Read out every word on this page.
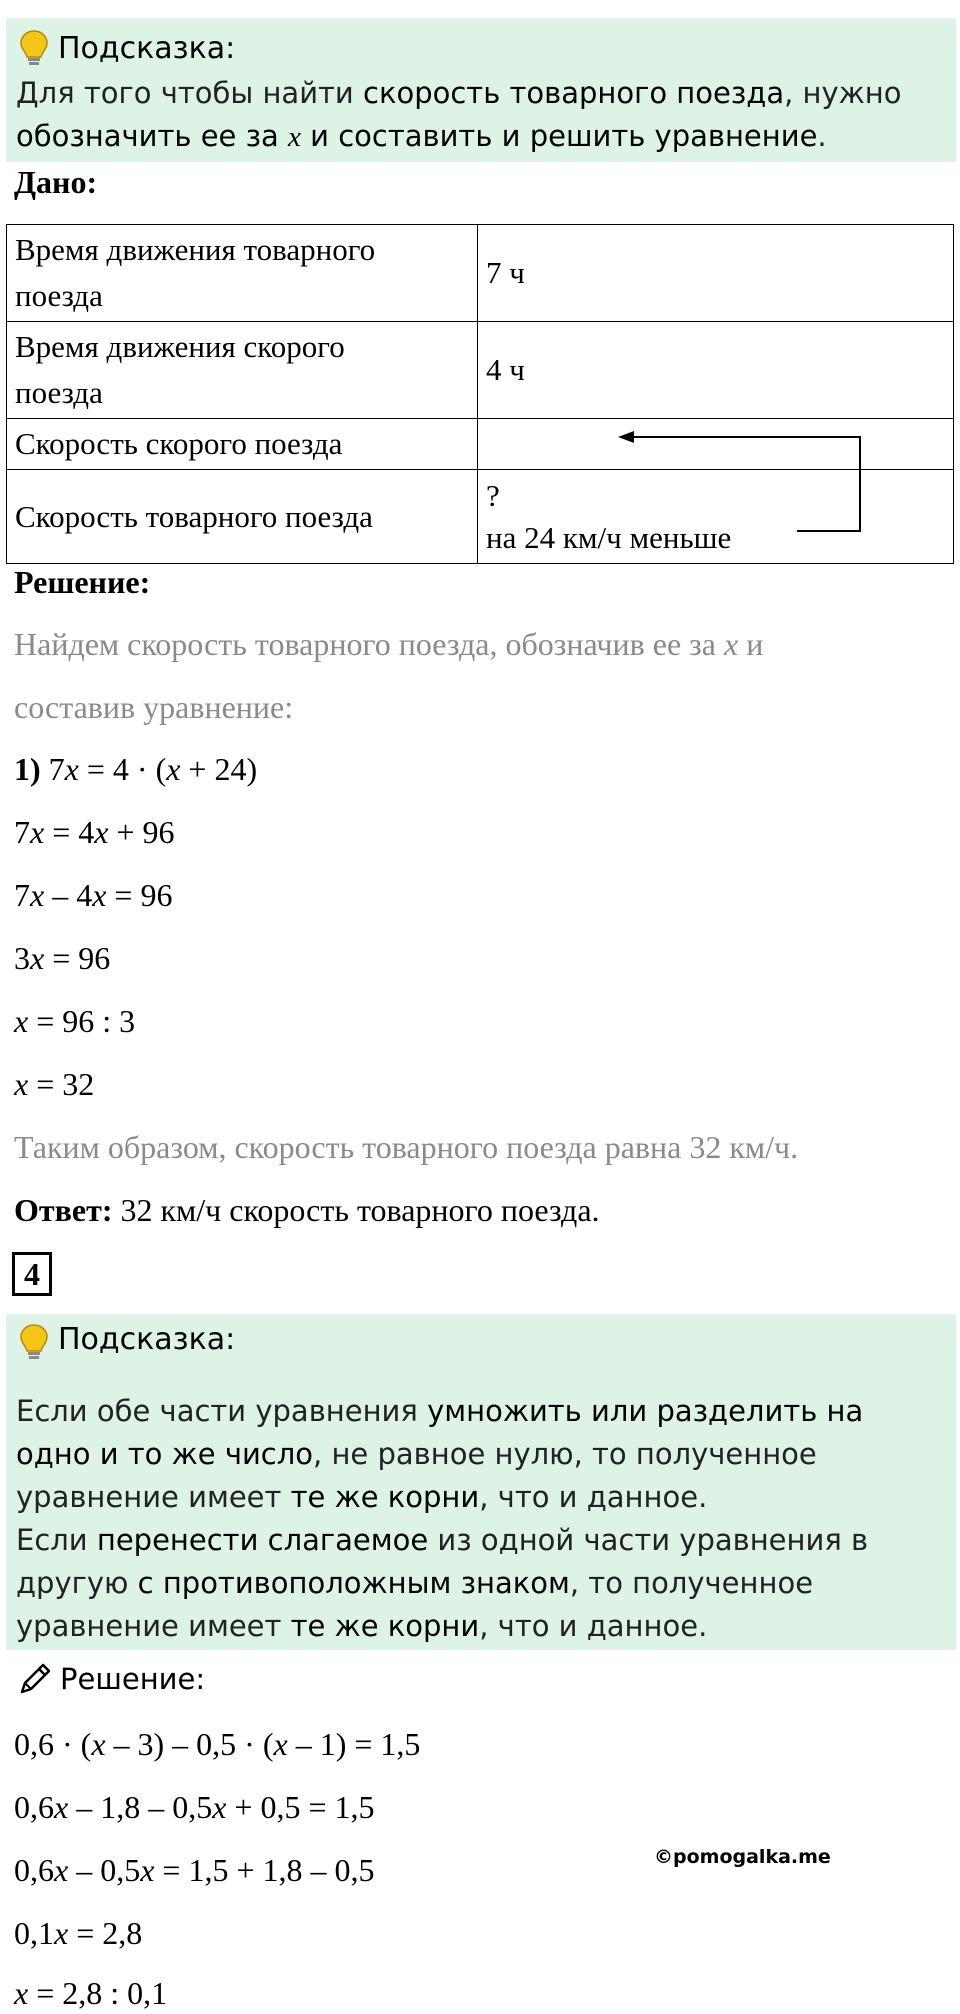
Подсказка:
Для того чтобы найти скорость товарного поезда, нужно
обозначить ее за x и составить и решить уравнение.
Дано:
Время движения товарного поезда	7 ч
Время движения скорого поезда	4 ч
Скорость скорого поезда	
Скорость товарного поезда	?
на 24 км/ч меньше
Решение:
Найдем скорость товарного поезда, обозначив ее за x и
составив уравнение:
1) 7x = 4 · (x + 24)
7x = 4x + 96
7x – 4x = 96
3x = 96
x = 96 : 3
x = 32
Таким образом, скорость товарного поезда равна 32 км/ч.
Ответ: 32 км/ч скорость товарного поезда.
4
Подсказка:
Если обе части уравнения умножить или разделить на одно и то же число, не равное нулю, то полученное уравнение имеет те же корни, что и данное.
Если перенести слагаемое из одной части уравнения в другую с противоположным знаком, то полученное уравнение имеет те же корни, что и данное.
Решение:
0,6 · (x – 3) – 0,5 · (x – 1) = 1,5
0,6x – 1,8 – 0,5x + 0,5 = 1,5
0,6x – 0,5x = 1,5 + 1,8 – 0,5
0,1x = 2,8
x = 2,8 : 0,1
©pomogalka.me
